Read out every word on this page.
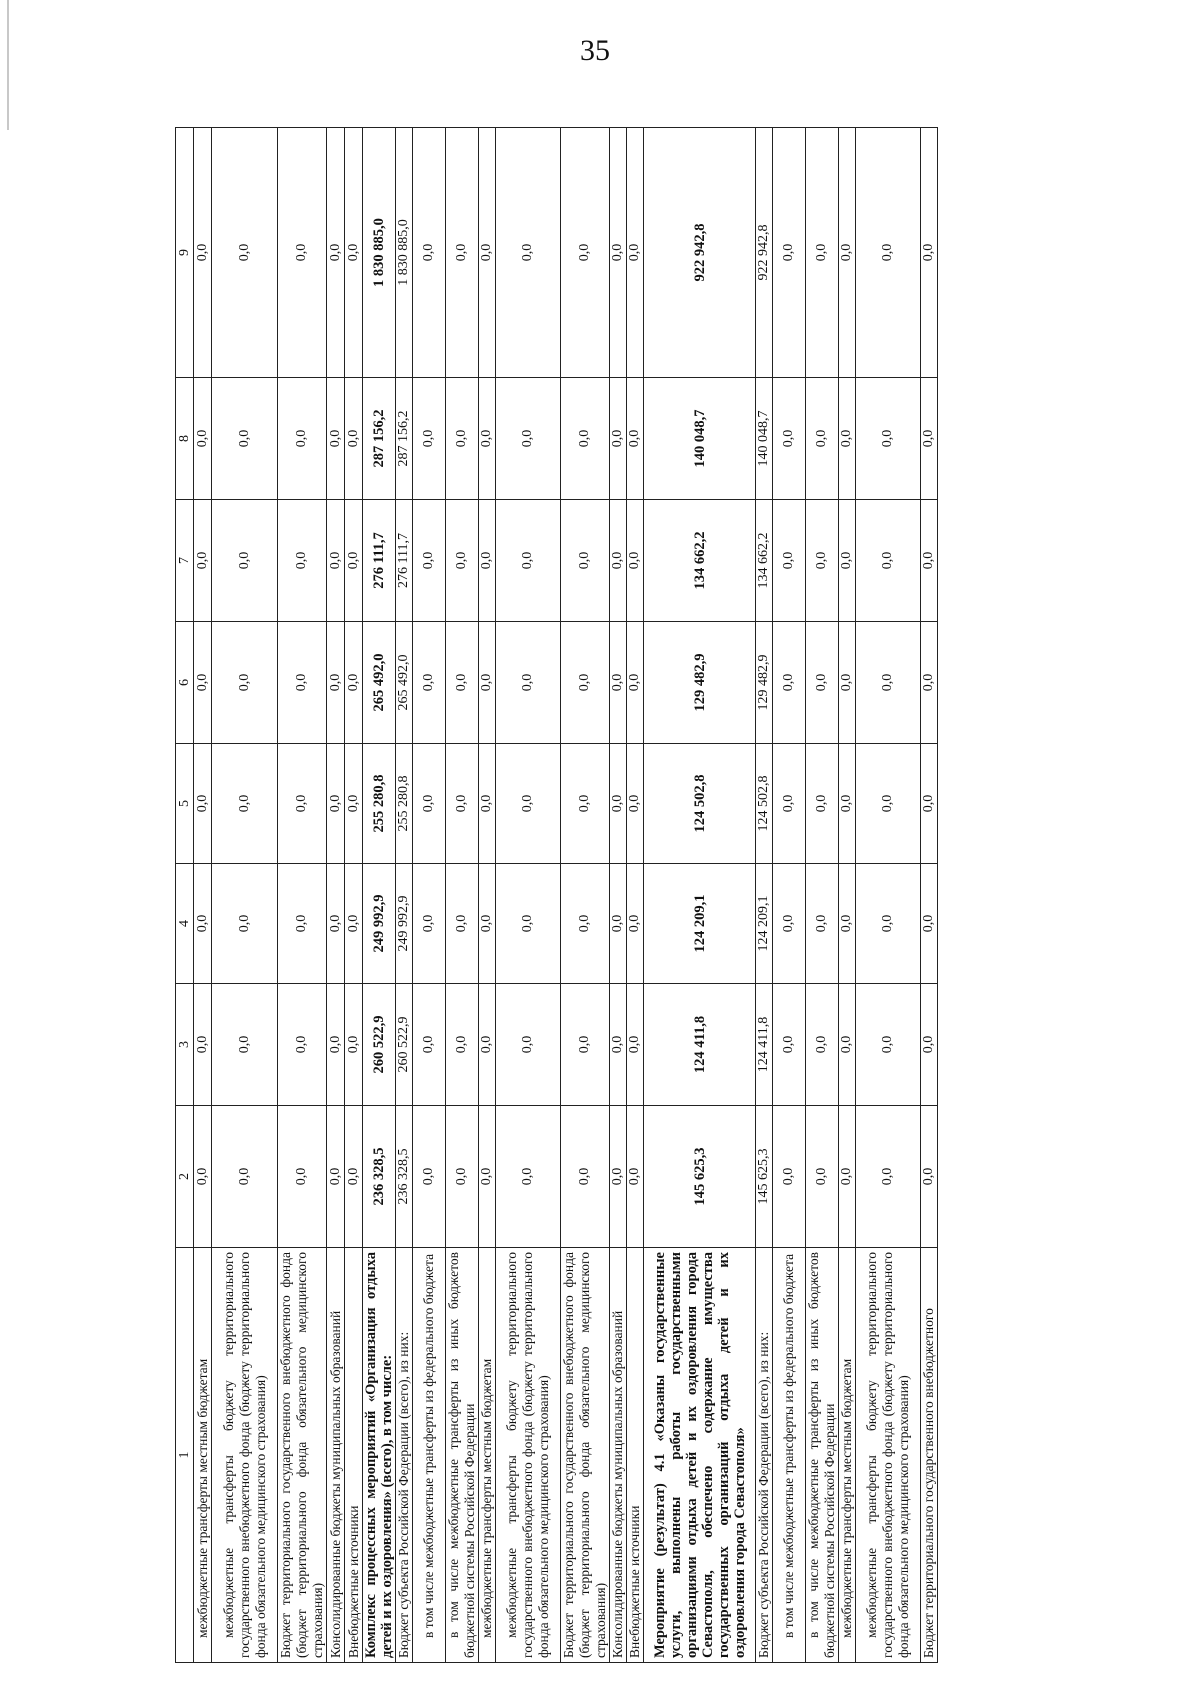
35
1	2	3	4	5	6	7	8	9
межбюджетные трансферты местным бюджетам	0,0	0,0	0,0	0,0	0,0	0,0	0,0	0,0
межбюджетные трансферты бюджету территориального государственного внебюджетного фонда (бюджету территориального фонда обязательного медицинского страхования)	0,0	0,0	0,0	0,0	0,0	0,0	0,0	0,0
Бюджет территориального государственного внебюджетного фонда (бюджет территориального фонда обязательного медицинского страхования)	0,0	0,0	0,0	0,0	0,0	0,0	0,0	0,0
Консолидированные бюджеты муниципальных образований	0,0	0,0	0,0	0,0	0,0	0,0	0,0	0,0
Внебюджетные источники	0,0	0,0	0,0	0,0	0,0	0,0	0,0	0,0
Комплекс процессных мероприятий «Организация отдыха детей и их оздоровления» (всего), в том числе:	236 328,5	260 522,9	249 992,9	255 280,8	265 492,0	276 111,7	287 156,2	1 830 885,0
Бюджет субъекта Российской Федерации (всего), из них:	236 328,5	260 522,9	249 992,9	255 280,8	265 492,0	276 111,7	287 156,2	1 830 885,0
в том числе межбюджетные трансферты из федерального бюджета	0,0	0,0	0,0	0,0	0,0	0,0	0,0	0,0
в том числе межбюджетные трансферты из иных бюджетов бюджетной системы Российской Федерации	0,0	0,0	0,0	0,0	0,0	0,0	0,0	0,0
межбюджетные трансферты местным бюджетам	0,0	0,0	0,0	0,0	0,0	0,0	0,0	0,0
межбюджетные трансферты бюджету территориального государственного внебюджетного фонда (бюджету территориального фонда обязательного медицинского страхования)	0,0	0,0	0,0	0,0	0,0	0,0	0,0	0,0
Бюджет территориального государственного внебюджетного фонда (бюджет территориального фонда обязательного медицинского страхования)	0,0	0,0	0,0	0,0	0,0	0,0	0,0	0,0
Консолидированные бюджеты муниципальных образований	0,0	0,0	0,0	0,0	0,0	0,0	0,0	0,0
Внебюджетные источники	0,0	0,0	0,0	0,0	0,0	0,0	0,0	0,0
Мероприятие (результат) 4.1 «Оказаны государственные услуги, выполнены работы государственными организациями отдыха детей и их оздоровления города Севастополя, обеспечено содержание имущества государственных организаций отдыха детей и их оздоровления города Севастополя»	145 625,3	124 411,8	124 209,1	124 502,8	129 482,9	134 662,2	140 048,7	922 942,8
Бюджет субъекта Российской Федерации (всего), из них:	145 625,3	124 411,8	124 209,1	124 502,8	129 482,9	134 662,2	140 048,7	922 942,8
в том числе межбюджетные трансферты из федерального бюджета	0,0	0,0	0,0	0,0	0,0	0,0	0,0	0,0
в том числе межбюджетные трансферты из иных бюджетов бюджетной системы Российской Федерации	0,0	0,0	0,0	0,0	0,0	0,0	0,0	0,0
межбюджетные трансферты местным бюджетам	0,0	0,0	0,0	0,0	0,0	0,0	0,0	0,0
межбюджетные трансферты бюджету территориального государственного внебюджетного фонда (бюджету территориального фонда обязательного медицинского страхования)	0,0	0,0	0,0	0,0	0,0	0,0	0,0	0,0
Бюджет территориального государственного внебюджетного	0,0	0,0	0,0	0,0	0,0	0,0	0,0	0,0
